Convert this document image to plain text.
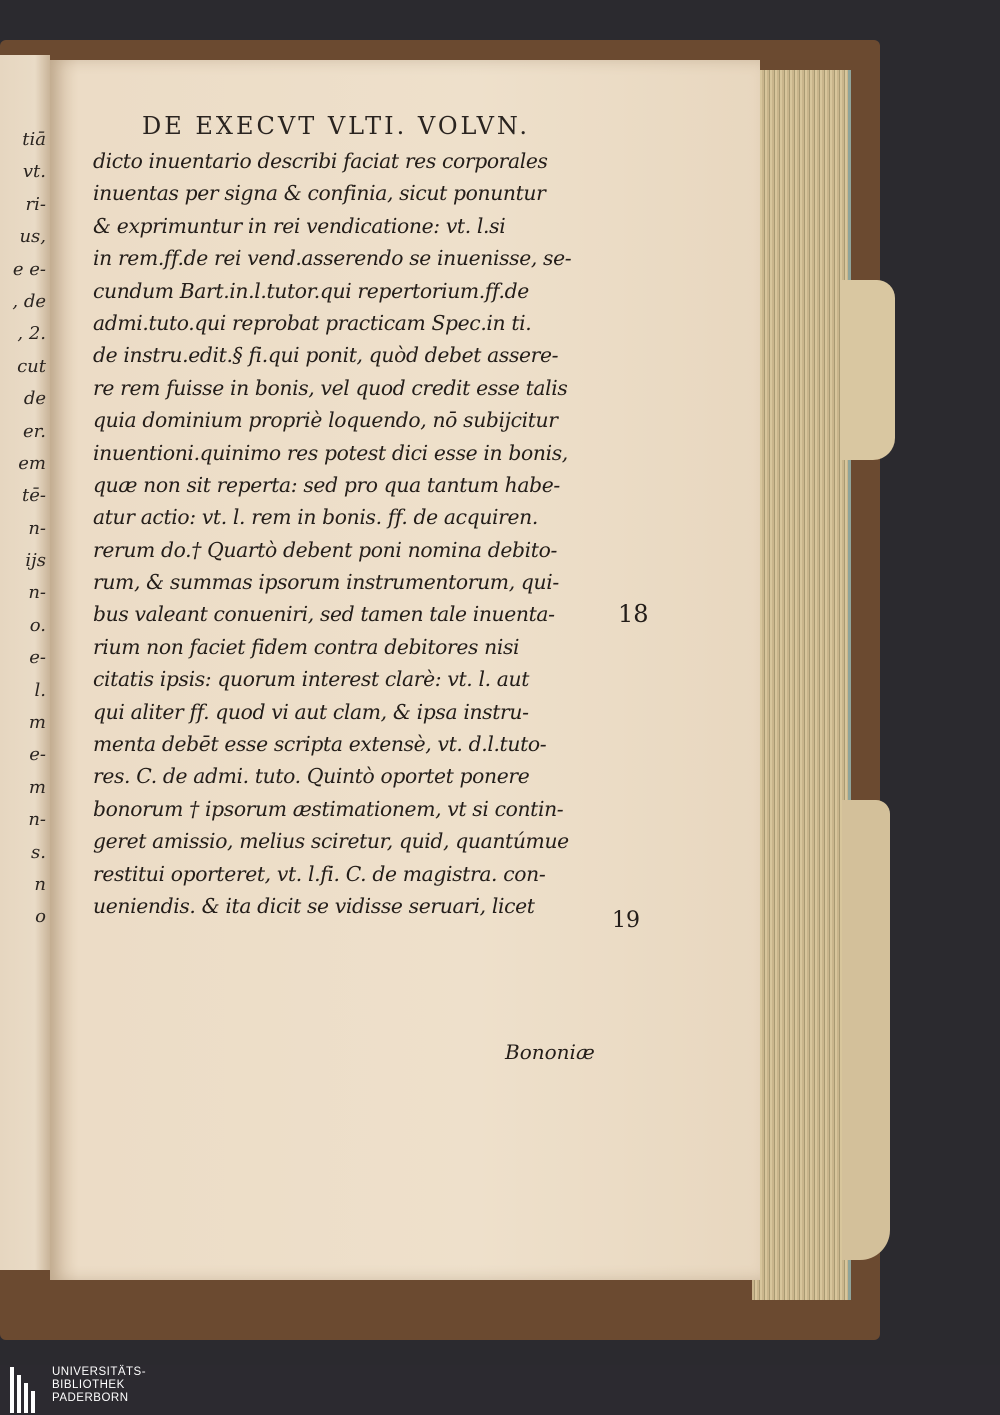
tiā
vt.
ri-
us,
e e-
, de
, 2.
cut
de
er.
em
tē-
n-
ijs
n-
o.
e-
l.
m
e-
m
n-
s.
n
o
DE EXECVT VLTI. VOLVN.
dicto inuentario describi faciat res corporales
inuentas per signa & confinia, sicut ponuntur
& exprimuntur in rei vendicatione: vt. l.si
in rem.ff.de rei vend.asserendo se inuenisse, se-
cundum Bart.in.l.tutor.qui repertorium.ff.de
admi.tuto.qui reprobat practicam Spec.in ti.
de instru.edit.§ fi.qui ponit, quòd debet assere-
re rem fuisse in bonis, vel quod credit esse talis
quia dominium propriè loquendo, nō subijcitur
inuentioni.quinimo res potest dici esse in bonis,
quæ non sit reperta: sed pro qua tantum habe-
atur actio: vt. l. rem in bonis. ff. de acquiren.
rerum do.† Quartò debent poni nomina debito-
rum, & summas ipsorum instrumentorum, qui-
bus valeant conueniri, sed tamen tale inuenta-
rium non faciet fidem contra debitores nisi
citatis ipsis: quorum interest clarè: vt. l. aut
qui aliter ff. quod vi aut clam, & ipsa instru-
menta debēt esse scripta extensè, vt. d.l.tuto-
res. C. de admi. tuto. Quintò oportet ponere
bonorum † ipsorum æstimationem, vt si contin-
geret amissio, melius sciretur, quid, quantúmue
restitui oporteret, vt. l.fi. C. de magistra. con-
ueniendis. & ita dicit se vidisse seruari, licet
18
19
Bononiæ
UNIVERSITÄTS-
BIBLIOTHEK
PADERBORN
